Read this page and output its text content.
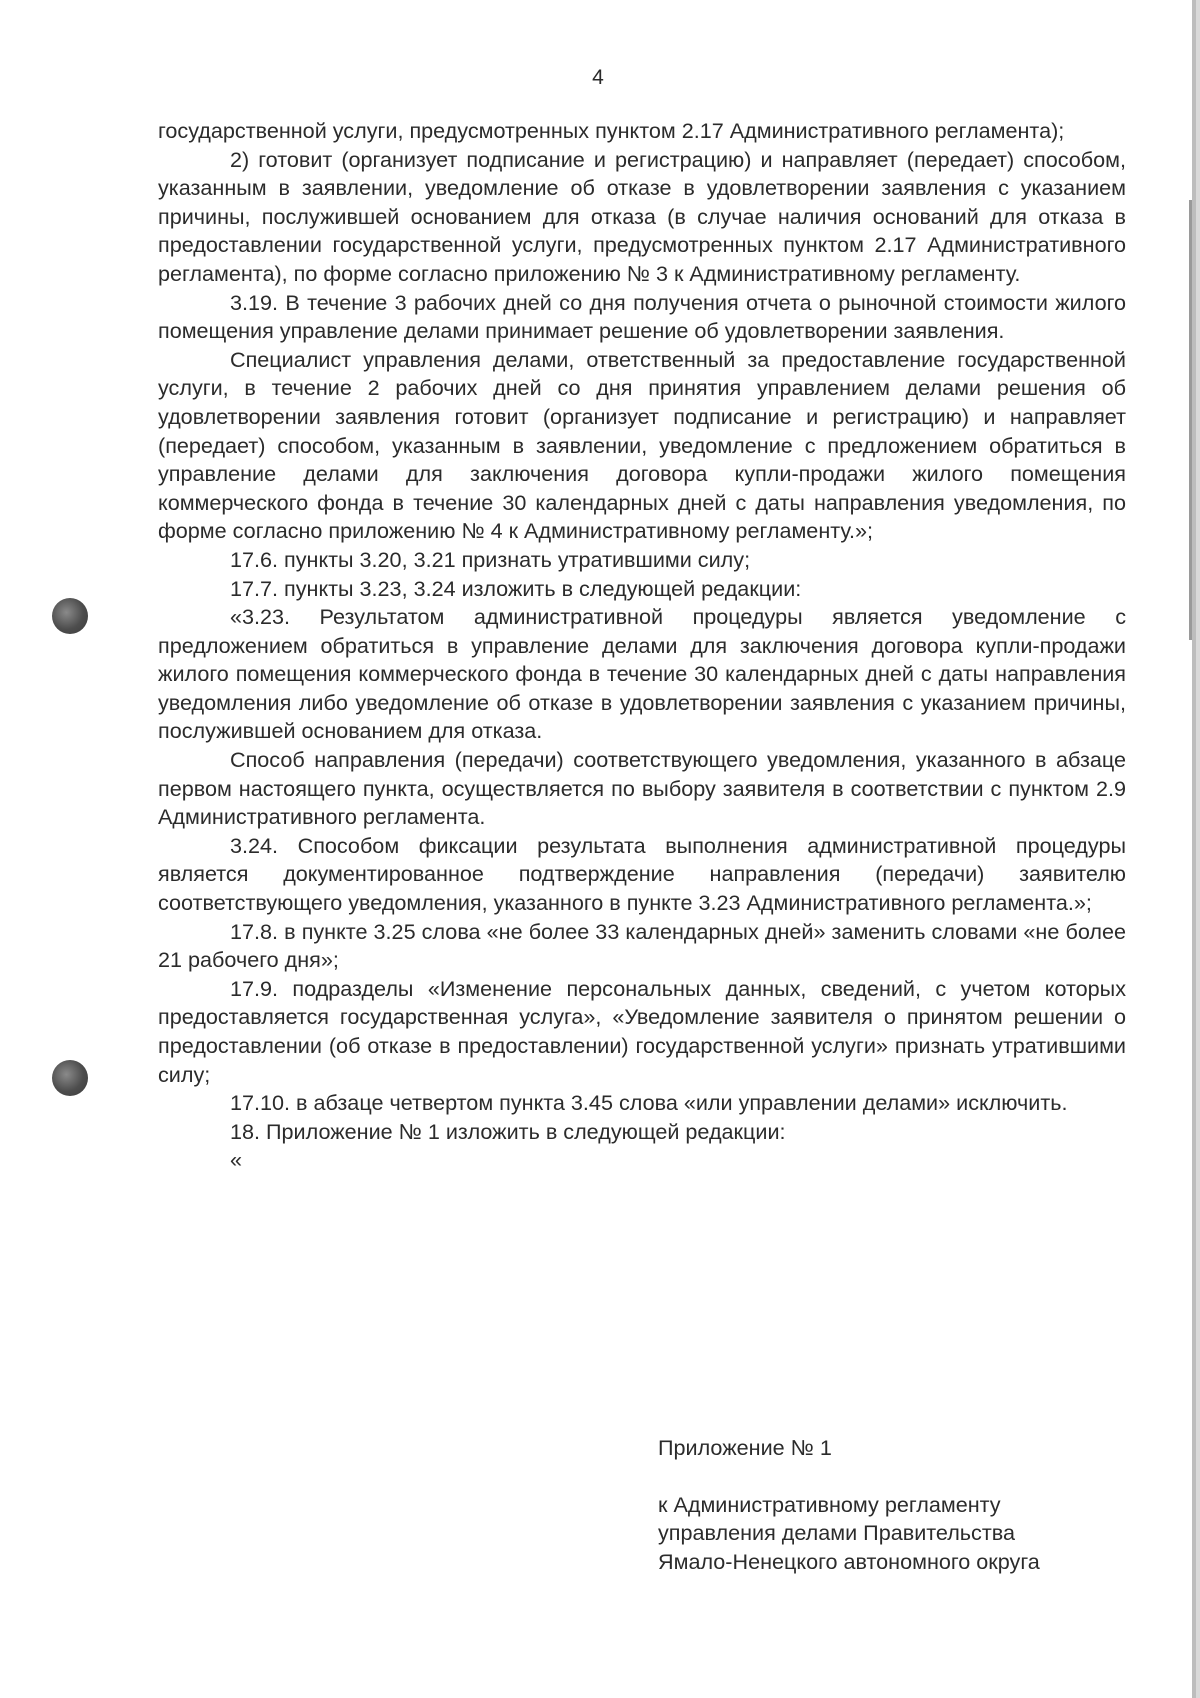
4

государственной услуги, предусмотренных пунктом 2.17 Административного регламента);

2) готовит (организует подписание и регистрацию) и направляет (передает) способом, указанным в заявлении, уведомление об отказе в удовлетворении заявления с указанием причины, послужившей основанием для отказа (в случае наличия оснований для отказа в предоставлении государственной услуги, предусмотренных пунктом 2.17 Административного регламента), по форме согласно приложению № 3 к Административному регламенту.

3.19. В течение 3 рабочих дней со дня получения отчета о рыночной стоимости жилого помещения управление делами принимает решение об удовлетворении заявления.

Специалист управления делами, ответственный за предоставление государственной услуги, в течение 2 рабочих дней со дня принятия управлением делами решения об удовлетворении заявления готовит (организует подписание и регистрацию) и направляет (передает) способом, указанным в заявлении, уведомление с предложением обратиться в управление делами для заключения договора купли-продажи жилого помещения коммерческого фонда в течение 30 календарных дней с даты направления уведомления, по форме согласно приложению № 4 к Административному регламенту.»;

17.6. пункты 3.20, 3.21 признать утратившими силу;

17.7. пункты 3.23, 3.24 изложить в следующей редакции:

«3.23. Результатом административной процедуры является уведомление с предложением обратиться в управление делами для заключения договора купли-продажи жилого помещения коммерческого фонда в течение 30 календарных дней с даты направления уведомления либо уведомление об отказе в удовлетворении заявления с указанием причины, послужившей основанием для отказа.

Способ направления (передачи) соответствующего уведомления, указанного в абзаце первом настоящего пункта, осуществляется по выбору заявителя в соответствии с пунктом 2.9 Административного регламента.

3.24. Способом фиксации результата выполнения административной процедуры является документированное подтверждение направления (передачи) заявителю соответствующего уведомления, указанного в пункте 3.23 Административного регламента.»;

17.8. в пункте 3.25 слова «не более 33 календарных дней» заменить словами «не более 21 рабочего дня»;

17.9. подразделы «Изменение персональных данных, сведений, с учетом которых предоставляется государственная услуга», «Уведомление заявителя о принятом решении о предоставлении (об отказе в предоставлении) государственной услуги» признать утратившими силу;

17.10. в абзаце четвертом пункта 3.45 слова «или управлении делами» исключить.

18. Приложение № 1 изложить в следующей редакции:

«

Приложение № 1

к Административному регламенту

управления делами Правительства

Ямало-Ненецкого автономного округа
